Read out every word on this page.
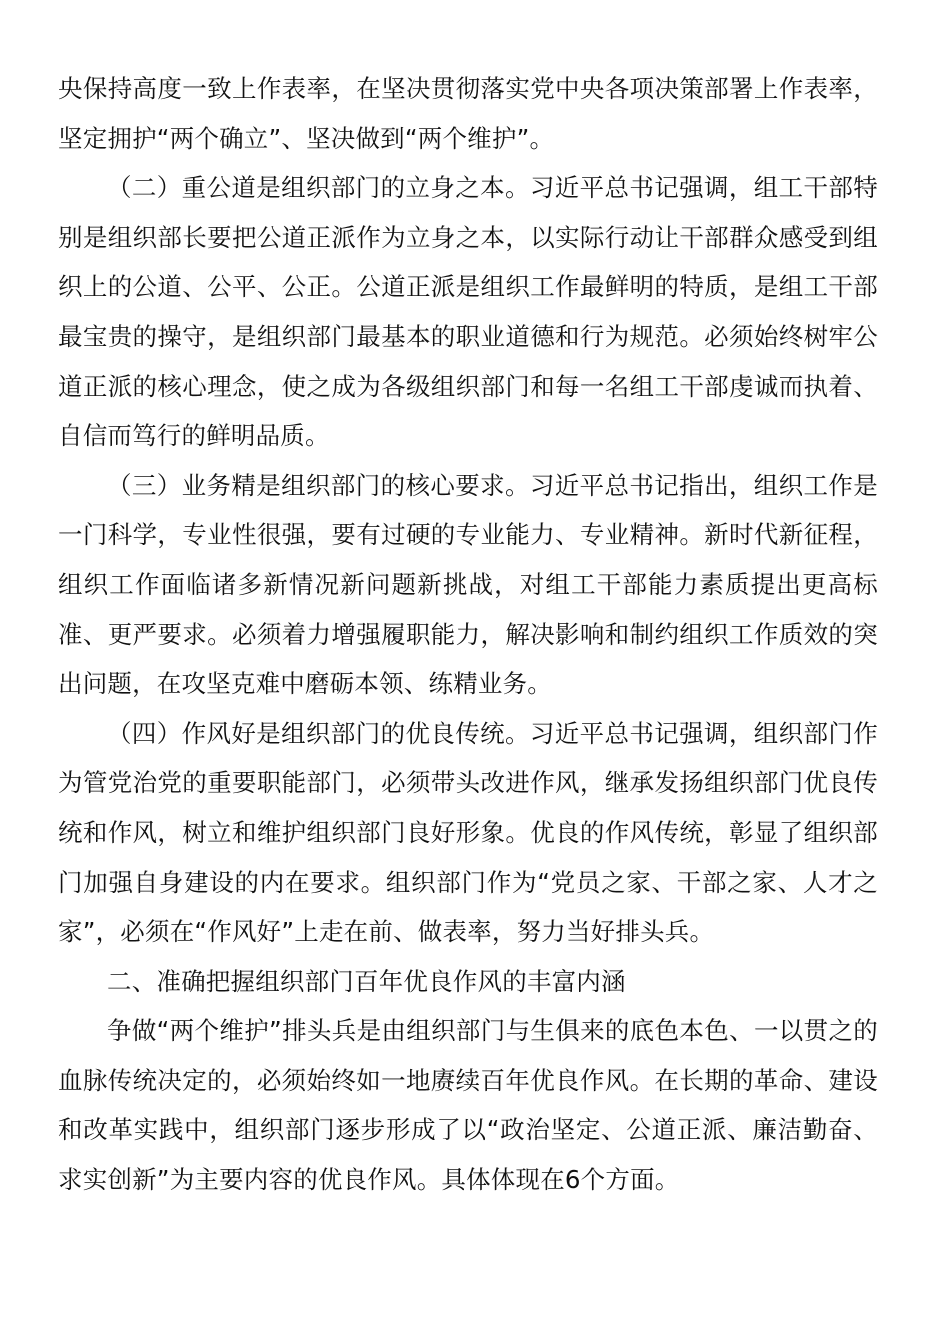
央保持高度一致上作表率，在坚决贯彻落实党中央各项决策部署上作表率，坚定拥护“两个确立”、坚决做到“两个维护”。

（二）重公道是组织部门的立身之本。习近平总书记强调，组工干部特别是组织部长要把公道正派作为立身之本，以实际行动让干部群众感受到组织上的公道、公平、公正。公道正派是组织工作最鲜明的特质，是组工干部最宝贵的操守，是组织部门最基本的职业道德和行为规范。必须始终树牢公道正派的核心理念，使之成为各级组织部门和每一名组工干部虔诚而执着、自信而笃行的鲜明品质。

（三）业务精是组织部门的核心要求。习近平总书记指出，组织工作是一门科学，专业性很强，要有过硬的专业能力、专业精神。新时代新征程，组织工作面临诸多新情况新问题新挑战，对组工干部能力素质提出更高标准、更严要求。必须着力增强履职能力，解决影响和制约组织工作质效的突出问题，在攻坚克难中磨砺本领、练精业务。

（四）作风好是组织部门的优良传统。习近平总书记强调，组织部门作为管党治党的重要职能部门，必须带头改进作风，继承发扬组织部门优良传统和作风，树立和维护组织部门良好形象。优良的作风传统，彰显了组织部门加强自身建设的内在要求。组织部门作为“党员之家、干部之家、人才之家”，必须在“作风好”上走在前、做表率，努力当好排头兵。

二、准确把握组织部门百年优良作风的丰富内涵

争做“两个维护”排头兵是由组织部门与生俱来的底色本色、一以贯之的血脉传统决定的，必须始终如一地赓续百年优良作风。在长期的革命、建设和改革实践中，组织部门逐步形成了以“政治坚定、公道正派、廉洁勤奋、求实创新”为主要内容的优良作风。具体体现在6个方面。
